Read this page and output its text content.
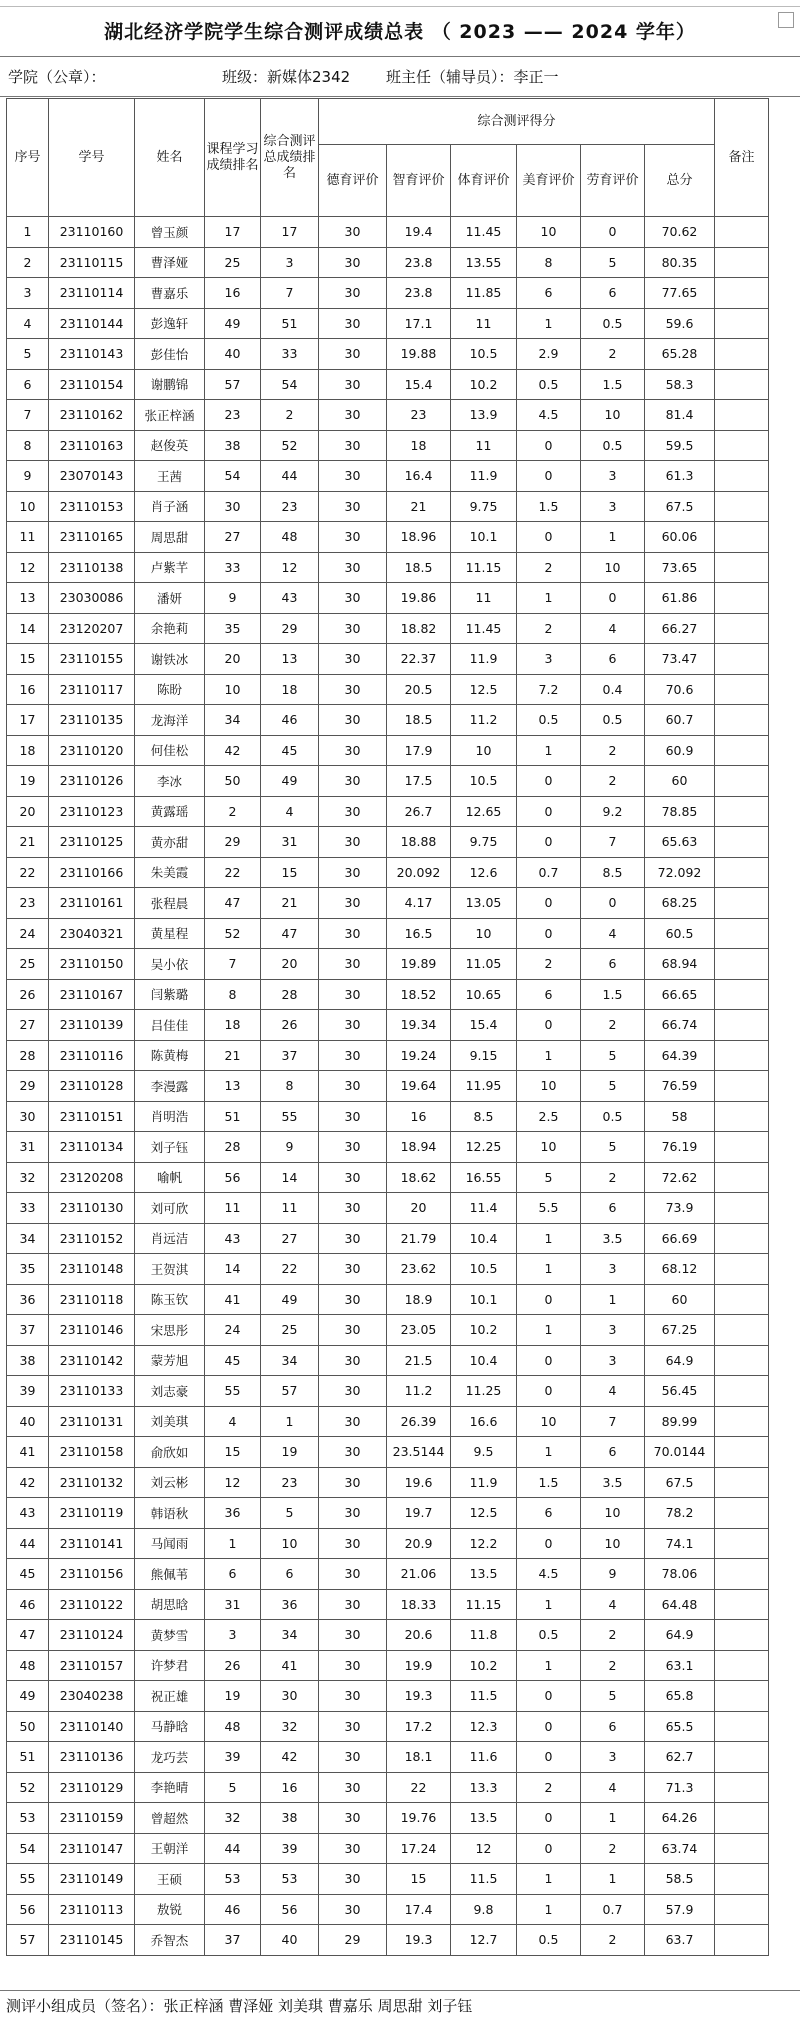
湖北经济学院学生综合测评成绩总表 （ 2023 —— 2024 学年）
学院（公章）：	班级：新媒体2342 班主任（辅导员）：李正一
序号	学号	姓名	课程学习成绩排名	综合测评总成绩排名	综合测评得分						备注
					德育评价	智育评价	体育评价	美育评价	劳育评价	总分	
1	23110160	曾玉颜	17	17	30	19.4	11.45	10	0	70.62	
2	23110115	曹泽娅	25	3	30	23.8	13.55	8	5	80.35	
3	23110114	曹嘉乐	16	7	30	23.8	11.85	6	6	77.65	
4	23110144	彭逸轩	49	51	30	17.1	11	1	0.5	59.6	
5	23110143	彭佳怡	40	33	30	19.88	10.5	2.9	2	65.28	
6	23110154	谢鹏锦	57	54	30	15.4	10.2	0.5	1.5	58.3	
7	23110162	张正梓涵	23	2	30	23	13.9	4.5	10	81.4	
8	23110163	赵俊英	38	52	30	18	11	0	0.5	59.5	
9	23070143	王茜	54	44	30	16.4	11.9	0	3	61.3	
10	23110153	肖子涵	30	23	30	21	9.75	1.5	3	67.5	
11	23110165	周思甜	27	48	30	18.96	10.1	0	1	60.06	
12	23110138	卢紫芊	33	12	30	18.5	11.15	2	10	73.65	
13	23030086	潘妍	9	43	30	19.86	11	1	0	61.86	
14	23120207	余艳莉	35	29	30	18.82	11.45	2	4	66.27	
15	23110155	谢铁冰	20	13	30	22.37	11.9	3	6	73.47	
16	23110117	陈盼	10	18	30	20.5	12.5	7.2	0.4	70.6	
17	23110135	龙海洋	34	46	30	18.5	11.2	0.5	0.5	60.7	
18	23110120	何佳松	42	45	30	17.9	10	1	2	60.9	
19	23110126	李冰	50	49	30	17.5	10.5	0	2	60	
20	23110123	黄露瑶	2	4	30	26.7	12.65	0	9.2	78.85	
21	23110125	黄亦甜	29	31	30	18.88	9.75	0	7	65.63	
22	23110166	朱美霞	22	15	30	20.092	12.6	0.7	8.5	72.092	
23	23110161	张程晨	47	21	30	4.17	13.05	0	0	68.25	
24	23040321	黄星程	52	47	30	16.5	10	0	4	60.5	
25	23110150	吴小依	7	20	30	19.89	11.05	2	6	68.94	
26	23110167	闫紫璐	8	28	30	18.52	10.65	6	1.5	66.65	
27	23110139	吕佳佳	18	26	30	19.34	15.4	0	2	66.74	
28	23110116	陈黄梅	21	37	30	19.24	9.15	1	5	64.39	
29	23110128	李漫露	13	8	30	19.64	11.95	10	5	76.59	
30	23110151	肖明浩	51	55	30	16	8.5	2.5	0.5	58	
31	23110134	刘子钰	28	9	30	18.94	12.25	10	5	76.19	
32	23120208	喻帆	56	14	30	18.62	16.55	5	2	72.62	
33	23110130	刘可欣	11	11	30	20	11.4	5.5	6	73.9	
34	23110152	肖远洁	43	27	30	21.79	10.4	1	3.5	66.69	
35	23110148	王贺淇	14	22	30	23.62	10.5	1	3	68.12	
36	23110118	陈玉钦	41	49	30	18.9	10.1	0	1	60	
37	23110146	宋思彤	24	25	30	23.05	10.2	1	3	67.25	
38	23110142	蒙芳旭	45	34	30	21.5	10.4	0	3	64.9	
39	23110133	刘志豪	55	57	30	11.2	11.25	0	4	56.45	
40	23110131	刘美琪	4	1	30	26.39	16.6	10	7	89.99	
41	23110158	俞欣如	15	19	30	23.5144	9.5	1	6	70.0144	
42	23110132	刘云彬	12	23	30	19.6	11.9	1.5	3.5	67.5	
43	23110119	韩语秋	36	5	30	19.7	12.5	6	10	78.2	
44	23110141	马闻雨	1	10	30	20.9	12.2	0	10	74.1	
45	23110156	熊佩苇	6	6	30	21.06	13.5	4.5	9	78.06	
46	23110122	胡思晗	31	36	30	18.33	11.15	1	4	64.48	
47	23110124	黄梦雪	3	34	30	20.6	11.8	0.5	2	64.9	
48	23110157	许梦君	26	41	30	19.9	10.2	1	2	63.1	
49	23040238	祝正雄	19	30	30	19.3	11.5	0	5	65.8	
50	23110140	马静晗	48	32	30	17.2	12.3	0	6	65.5	
51	23110136	龙巧芸	39	42	30	18.1	11.6	0	3	62.7	
52	23110129	李艳晴	5	16	30	22	13.3	2	4	71.3	
53	23110159	曾超然	32	38	30	19.76	13.5	0	1	64.26	
54	23110147	王朝洋	44	39	30	17.24	12	0	2	63.74	
55	23110149	王硕	53	53	30	15	11.5	1	1	58.5	
56	23110113	敖锐	46	56	30	17.4	9.8	1	0.7	57.9	
57	23110145	乔智杰	37	40	29	19.3	12.7	0.5	2	63.7	
测评小组成员（签名）：张正梓涵 曹泽娅 刘美琪 曹嘉乐 周思甜 刘子钰
